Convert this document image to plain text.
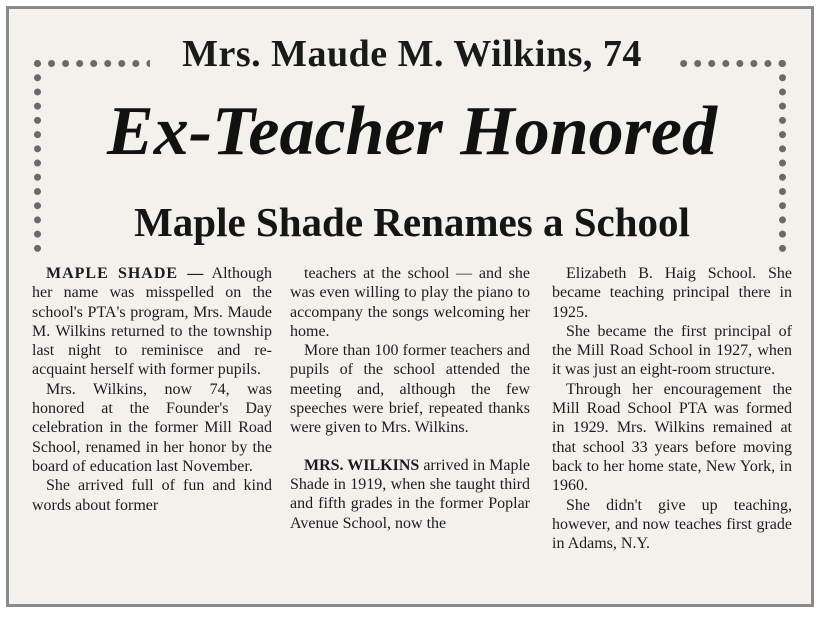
Mrs. Maude M. Wilkins, 74
Ex-Teacher Honored
Maple Shade Renames a School

MAPLE SHADE — Although her name was misspelled on the school's PTA's program, Mrs. Maude M. Wilkins returned to the township last night to reminisce and re-acquaint herself with former pupils.

Mrs. Wilkins, now 74, was honored at the Founder's Day celebration in the former Mill Road School, renamed in her honor by the board of education last November.

She arrived full of fun and kind words about former

teachers at the school — and she was even willing to play the piano to accompany the songs welcoming her home.

More than 100 former teachers and pupils of the school attended the meeting and, although the few speeches were brief, repeated thanks were given to Mrs. Wilkins.

MRS. WILKINS arrived in Maple Shade in 1919, when she taught third and fifth grades in the former Poplar Avenue School, now the

Elizabeth B. Haig School. She became teaching principal there in 1925.

She became the first principal of the Mill Road School in 1927, when it was just an eight-room structure.

Through her encouragement the Mill Road School PTA was formed in 1929. Mrs. Wilkins remained at that school 33 years before moving back to her home state, New York, in 1960.

She didn't give up teaching, however, and now teaches first grade in Adams, N.Y.
